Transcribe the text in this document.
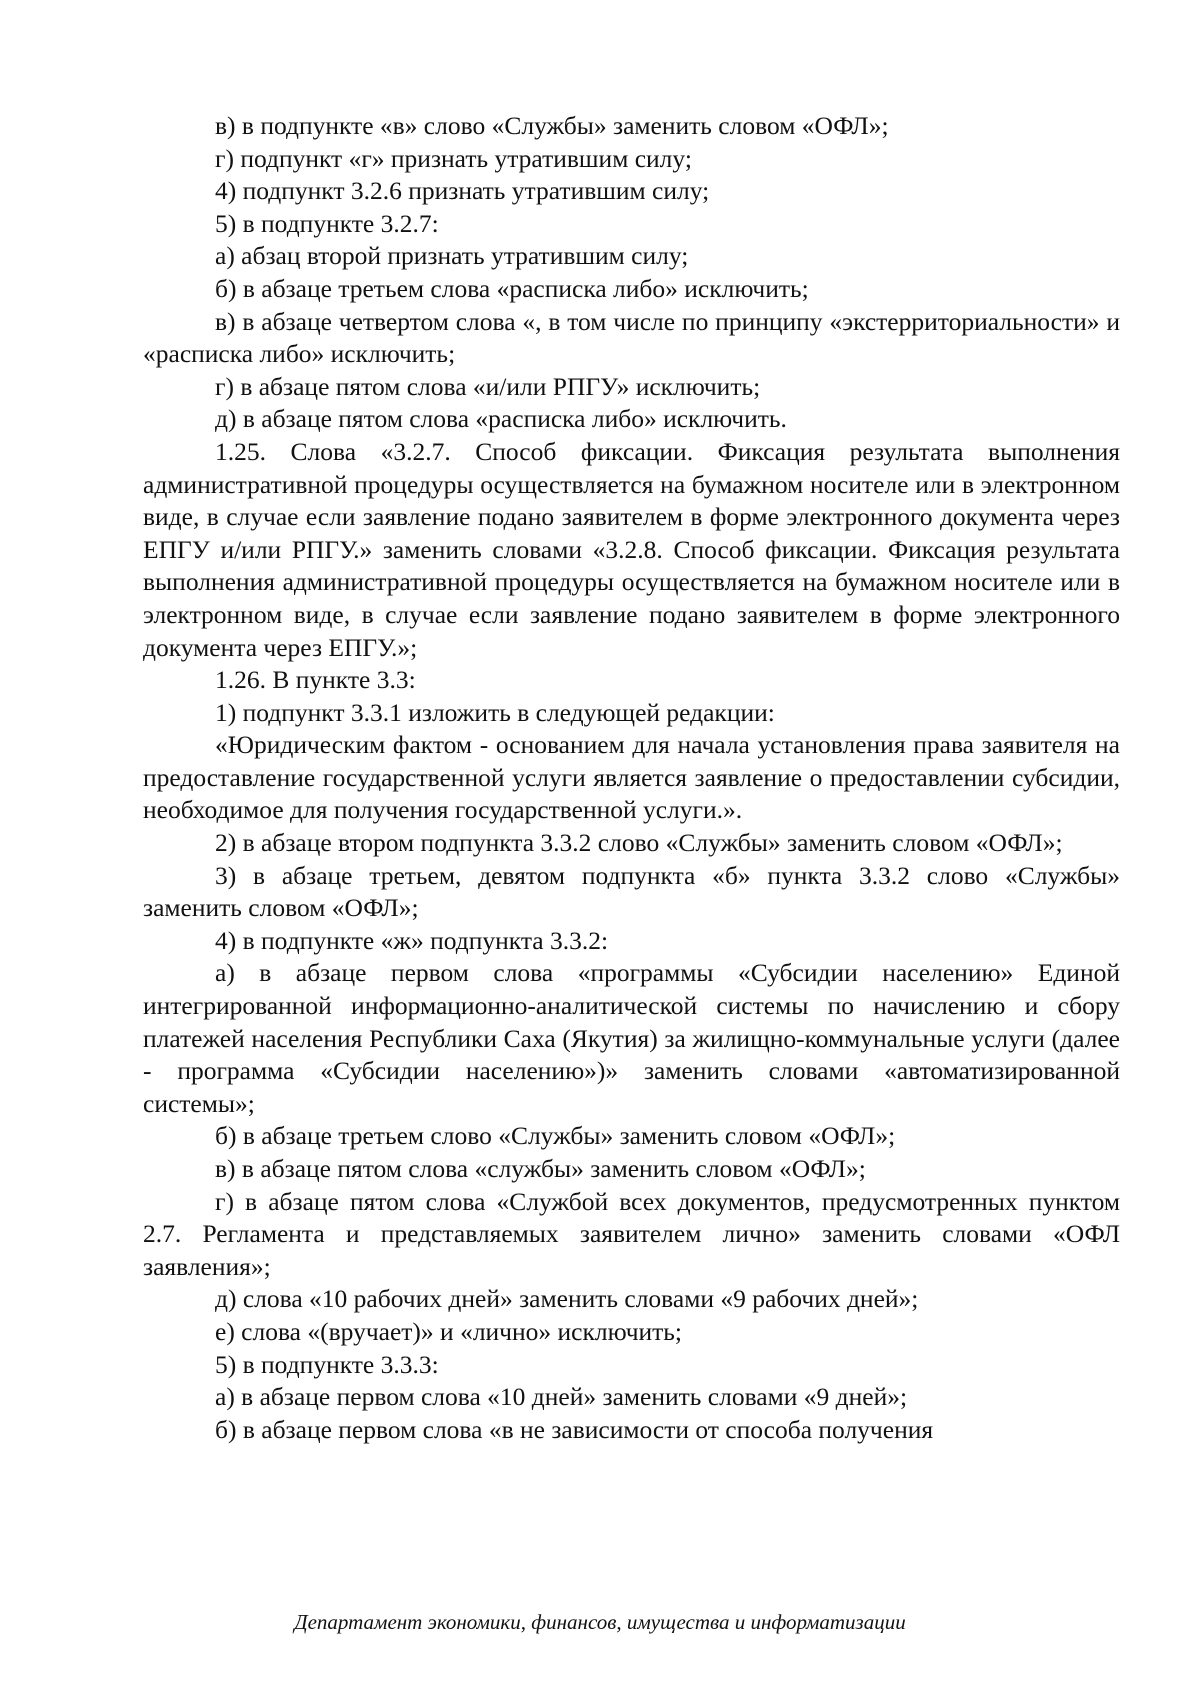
в) в подпункте «в» слово «Службы» заменить словом «ОФЛ»;

г) подпункт «г» признать утратившим силу;

4) подпункт 3.2.6 признать утратившим силу;

5) в подпункте 3.2.7:

а) абзац второй признать утратившим силу;

б) в абзаце третьем слова «расписка либо» исключить;

в) в абзаце четвертом слова «, в том числе по принципу «экстерриториальности» и «расписка либо» исключить;

г) в абзаце пятом слова «и/или РПГУ» исключить;

д) в абзаце пятом слова «расписка либо» исключить.

1.25. Слова «3.2.7. Способ фиксации. Фиксация результата выполнения административной процедуры осуществляется на бумажном носителе или в электронном виде, в случае если заявление подано заявителем в форме электронного документа через ЕПГУ и/или РПГУ.» заменить словами «3.2.8. Способ фиксации. Фиксация результата выполнения административной процедуры осуществляется на бумажном носителе или в электронном виде, в случае если заявление подано заявителем в форме электронного документа через ЕПГУ.»;

1.26. В пункте 3.3:

1) подпункт 3.3.1 изложить в следующей редакции:

«Юридическим фактом - основанием для начала установления права заявителя на предоставление государственной услуги является заявление о предоставлении субсидии, необходимое для получения государственной услуги.».

2) в абзаце втором подпункта 3.3.2 слово «Службы» заменить словом «ОФЛ»;

3) в абзаце третьем, девятом подпункта «б» пункта 3.3.2 слово «Службы» заменить словом «ОФЛ»;

4) в подпункте «ж» подпункта 3.3.2:

а) в абзаце первом слова «программы «Субсидии населению» Единой интегрированной информационно-аналитической системы по начислению и сбору платежей населения Республики Саха (Якутия) за жилищно-коммунальные услуги (далее - программа «Субсидии населению»)» заменить словами «автоматизированной системы»;

б) в абзаце третьем слово «Службы» заменить словом «ОФЛ»;

в) в абзаце пятом слова «службы» заменить словом «ОФЛ»;

г) в абзаце пятом слова «Службой всех документов, предусмотренных пунктом 2.7. Регламента и представляемых заявителем лично» заменить словами «ОФЛ заявления»;

д) слова «10 рабочих дней» заменить словами «9 рабочих дней»;

е) слова «(вручает)» и «лично» исключить;

5) в подпункте 3.3.3:

а) в абзаце первом слова «10 дней» заменить словами «9 дней»;

б) в абзаце первом слова «в не зависимости от способа получения

Департамент экономики, финансов, имущества и информатизации
